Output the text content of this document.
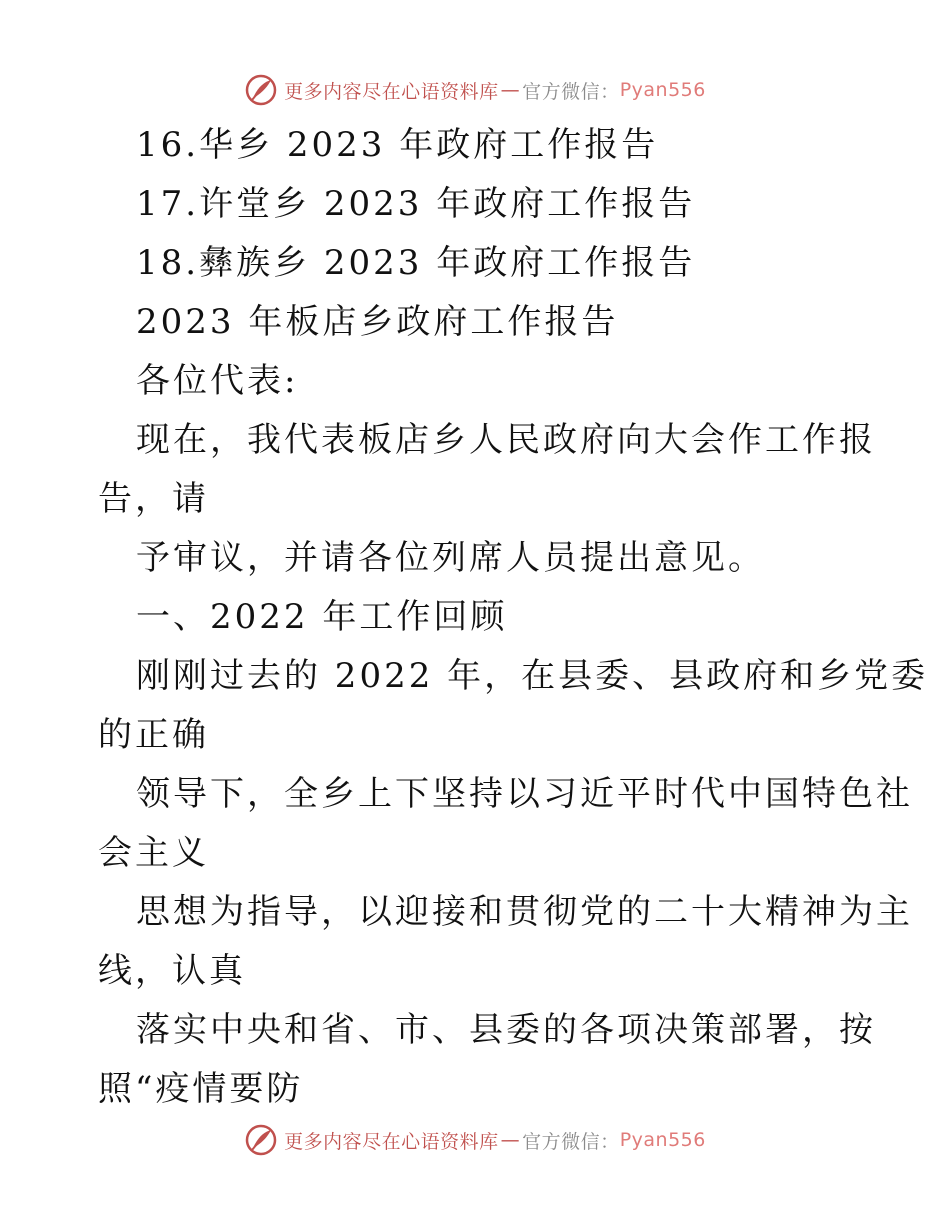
更多内容尽在心语资料库 — 官方微信： Pyan556
16.华乡 2023 年政府工作报告
17.许堂乡 2023 年政府工作报告
18.彝族乡 2023 年政府工作报告
2023 年板店乡政府工作报告
各位代表:
现在，我代表板店乡人民政府向大会作工作报
告，请
予审议，并请各位列席人员提出意见。
一、2022 年工作回顾
刚刚过去的 2022 年，在县委、县政府和乡党委
的正确
领导下，全乡上下坚持以习近平时代中国特色社
会主义
思想为指导，以迎接和贯彻党的二十大精神为主
线，认真
落实中央和省、市、县委的各项决策部署，按
照“疫情要防
更多内容尽在心语资料库 — 官方微信： Pyan556
